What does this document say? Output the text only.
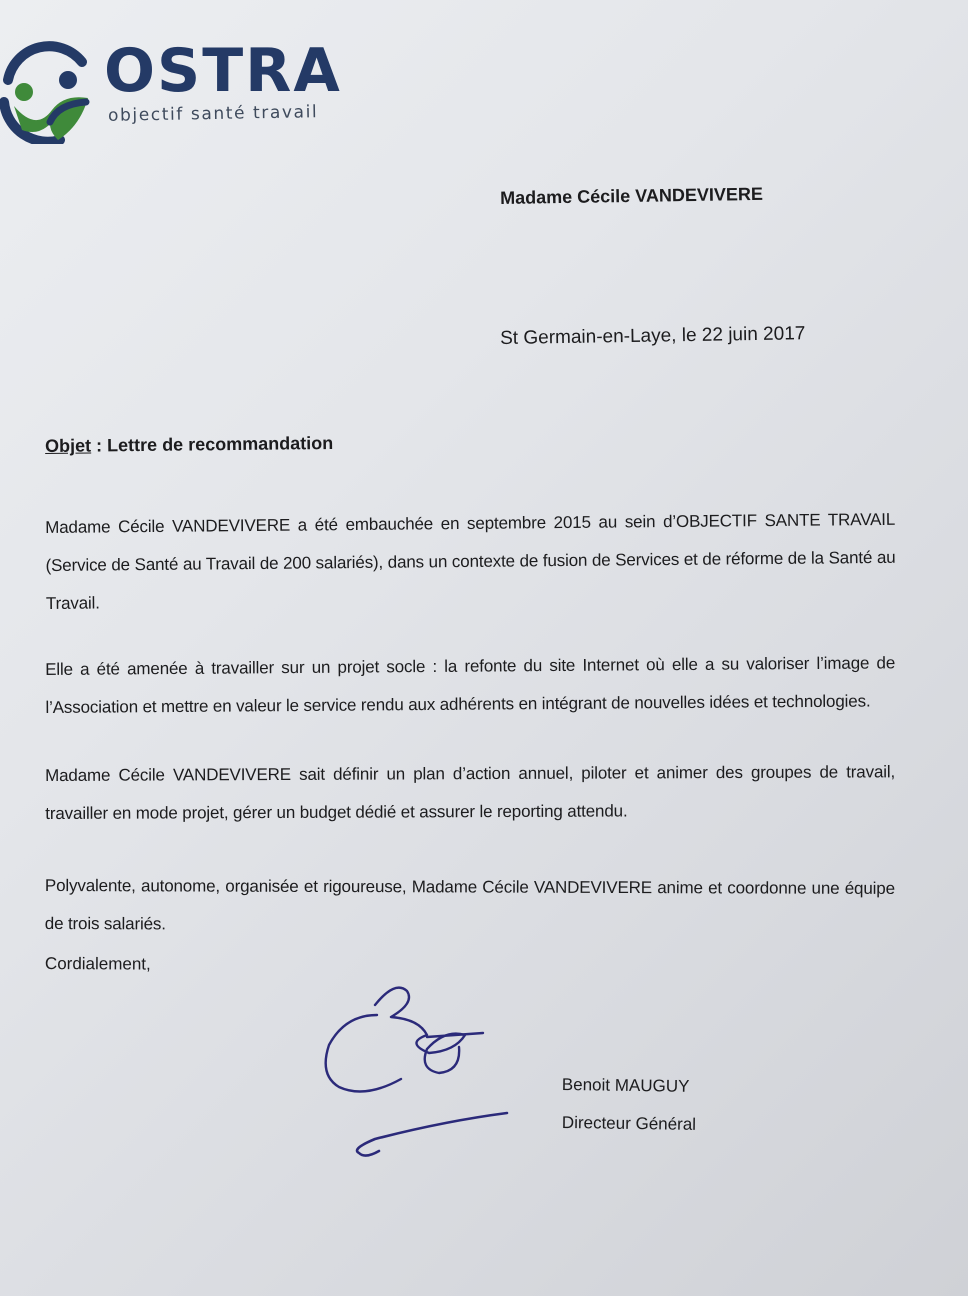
OSTRA
objectif santé travail
Madame Cécile VANDEVIVERE
St Germain-en-Laye, le 22 juin 2017
Objet : Lettre de recommandation

Madame Cécile VANDEVIVERE a été embauchée en septembre 2015 au sein d’OBJECTIF SANTE TRAVAIL (Service de Santé au Travail de 200 salariés), dans un contexte de fusion de Services et de réforme de la Santé au Travail.

Elle a été amenée à travailler sur un projet socle : la refonte du site Internet où elle a su valoriser l’image de l’Association et mettre en valeur le service rendu aux adhérents en intégrant de nouvelles idées et technologies.

Madame Cécile VANDEVIVERE sait définir un plan d’action annuel, piloter et animer des groupes de travail, travailler en mode projet, gérer un budget dédié et assurer le reporting attendu.

Polyvalente, autonome, organisée et rigoureuse, Madame Cécile VANDEVIVERE anime et coordonne une équipe de trois salariés.

Cordialement,
Benoit MAUGUY
Directeur Général
